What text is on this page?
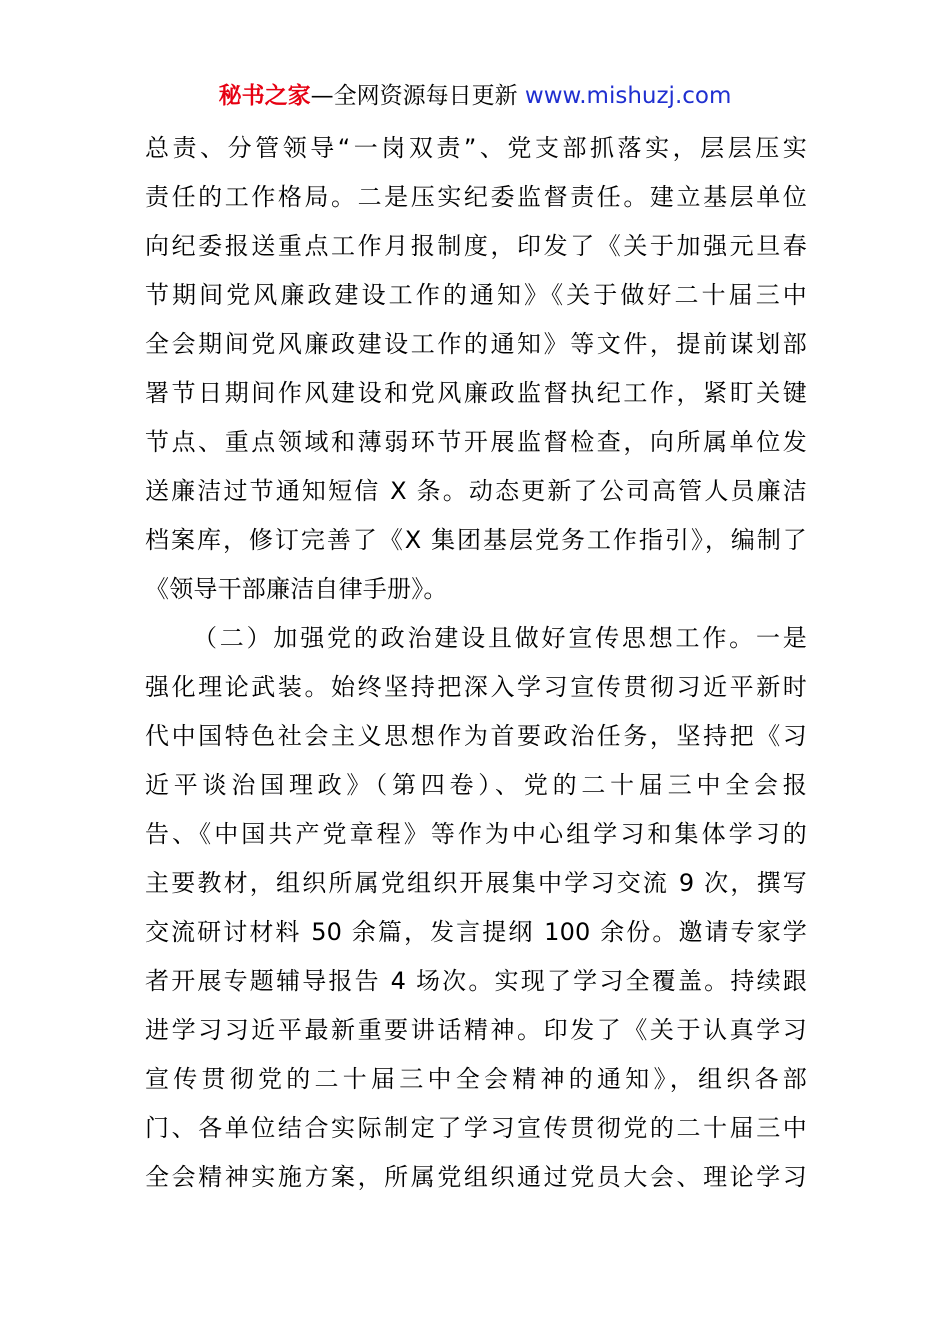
秘书之家—全网资源每日更新 www.mishuzj.com
总责、分管领导“一岗双责”、党支部抓落实，层层压实
责任的工作格局。二是压实纪委监督责任。建立基层单位
向纪委报送重点工作月报制度，印发了《关于加强元旦春
节期间党风廉政建设工作的通知》《关于做好二十届三中
全会期间党风廉政建设工作的通知》等文件，提前谋划部
署节日期间作风建设和党风廉政监督执纪工作，紧盯关键
节点、重点领域和薄弱环节开展监督检查，向所属单位发
送廉洁过节通知短信 X 条。动态更新了公司高管人员廉洁
档案库，修订完善了《X 集团基层党务工作指引》，编制了
《领导干部廉洁自律手册》。
（二）加强党的政治建设且做好宣传思想工作。一是
强化理论武装。始终坚持把深入学习宣传贯彻习近平新时
代中国特色社会主义思想作为首要政治任务，坚持把《习
近平谈治国理政》（第四卷）、党的二十届三中全会报
告、《中国共产党章程》等作为中心组学习和集体学习的
主要教材，组织所属党组织开展集中学习交流 9 次，撰写
交流研讨材料 50 余篇，发言提纲 100 余份。邀请专家学
者开展专题辅导报告 4 场次。实现了学习全覆盖。持续跟
进学习习近平最新重要讲话精神。印发了《关于认真学习
宣传贯彻党的二十届三中全会精神的通知》，组织各部
门、各单位结合实际制定了学习宣传贯彻党的二十届三中
全会精神实施方案，所属党组织通过党员大会、理论学习
